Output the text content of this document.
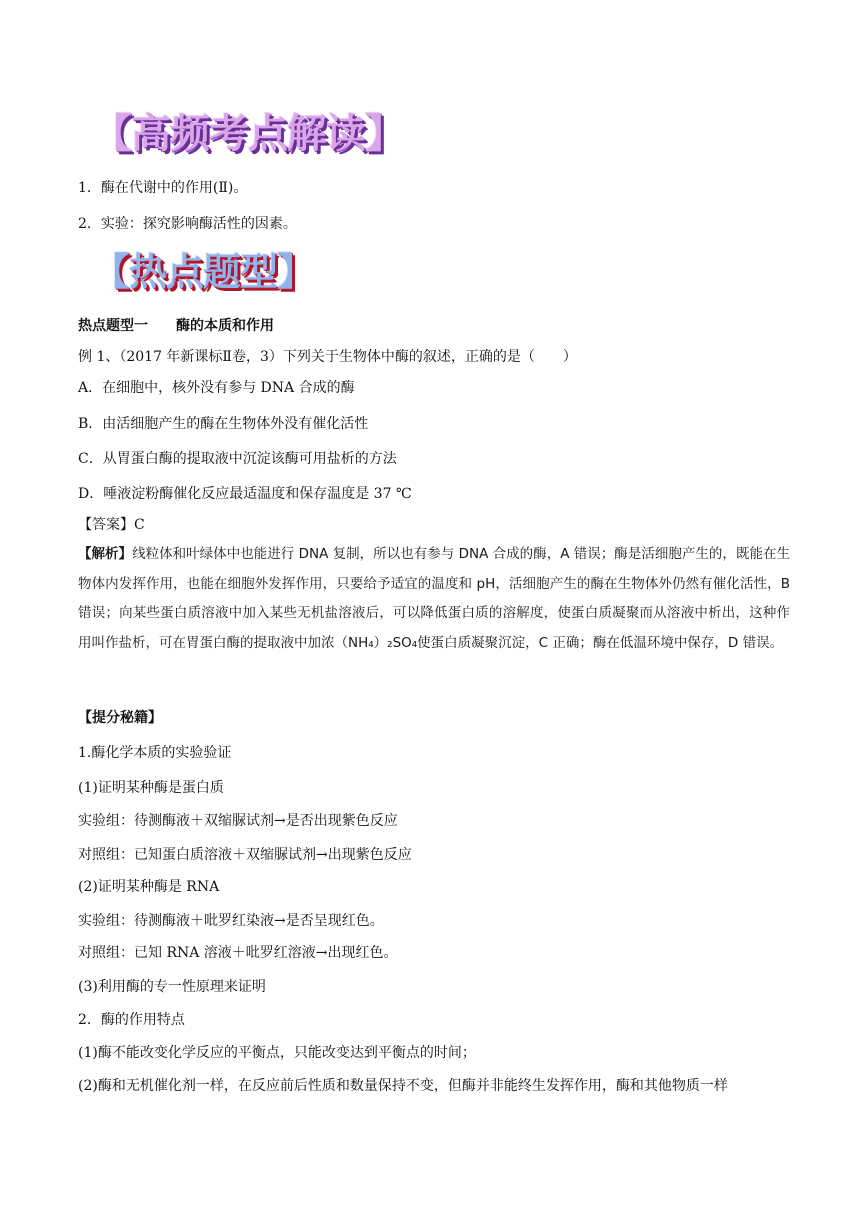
【高频考点解读】
1．酶在代谢中的作用(Ⅱ)。
2．实验：探究影响酶活性的因素。
【热点题型】
热点题型一　　酶的本质和作用
例 1、（2017 年新课标Ⅱ卷，3）下列关于生物体中酶的叙述，正确的是（　　）
A．在细胞中，核外没有参与 DNA 合成的酶
B．由活细胞产生的酶在生物体外没有催化活性
C．从胃蛋白酶的提取液中沉淀该酶可用盐析的方法
D．唾液淀粉酶催化反应最适温度和保存温度是 37 ℃
【答案】C
【解析】线粒体和叶绿体中也能进行 DNA 复制，所以也有参与 DNA 合成的酶，A 错误；酶是活细胞产生的，既能在生物体内发挥作用，也能在细胞外发挥作用，只要给予适宜的温度和 pH，活细胞产生的酶在生物体外仍然有催化活性，B 错误；向某些蛋白质溶液中加入某些无机盐溶液后，可以降低蛋白质的溶解度，使蛋白质凝聚而从溶液中析出，这种作用叫作盐析，可在胃蛋白酶的提取液中加浓（NH₄）₂SO₄使蛋白质凝聚沉淀，C 正确；酶在低温环境中保存，D 错误。
【提分秘籍】
1.酶化学本质的实验验证
(1)证明某种酶是蛋白质
实验组：待测酶液＋双缩脲试剂→是否出现紫色反应
对照组：已知蛋白质溶液＋双缩脲试剂→出现紫色反应
(2)证明某种酶是 RNA
实验组：待测酶液＋吡罗红染液→是否呈现红色。
对照组：已知 RNA 溶液＋吡罗红溶液→出现红色。
(3)利用酶的专一性原理来证明
2．酶的作用特点
(1)酶不能改变化学反应的平衡点，只能改变达到平衡点的时间；
(2)酶和无机催化剂一样，在反应前后性质和数量保持不变，但酶并非能终生发挥作用，酶和其他物质一样
